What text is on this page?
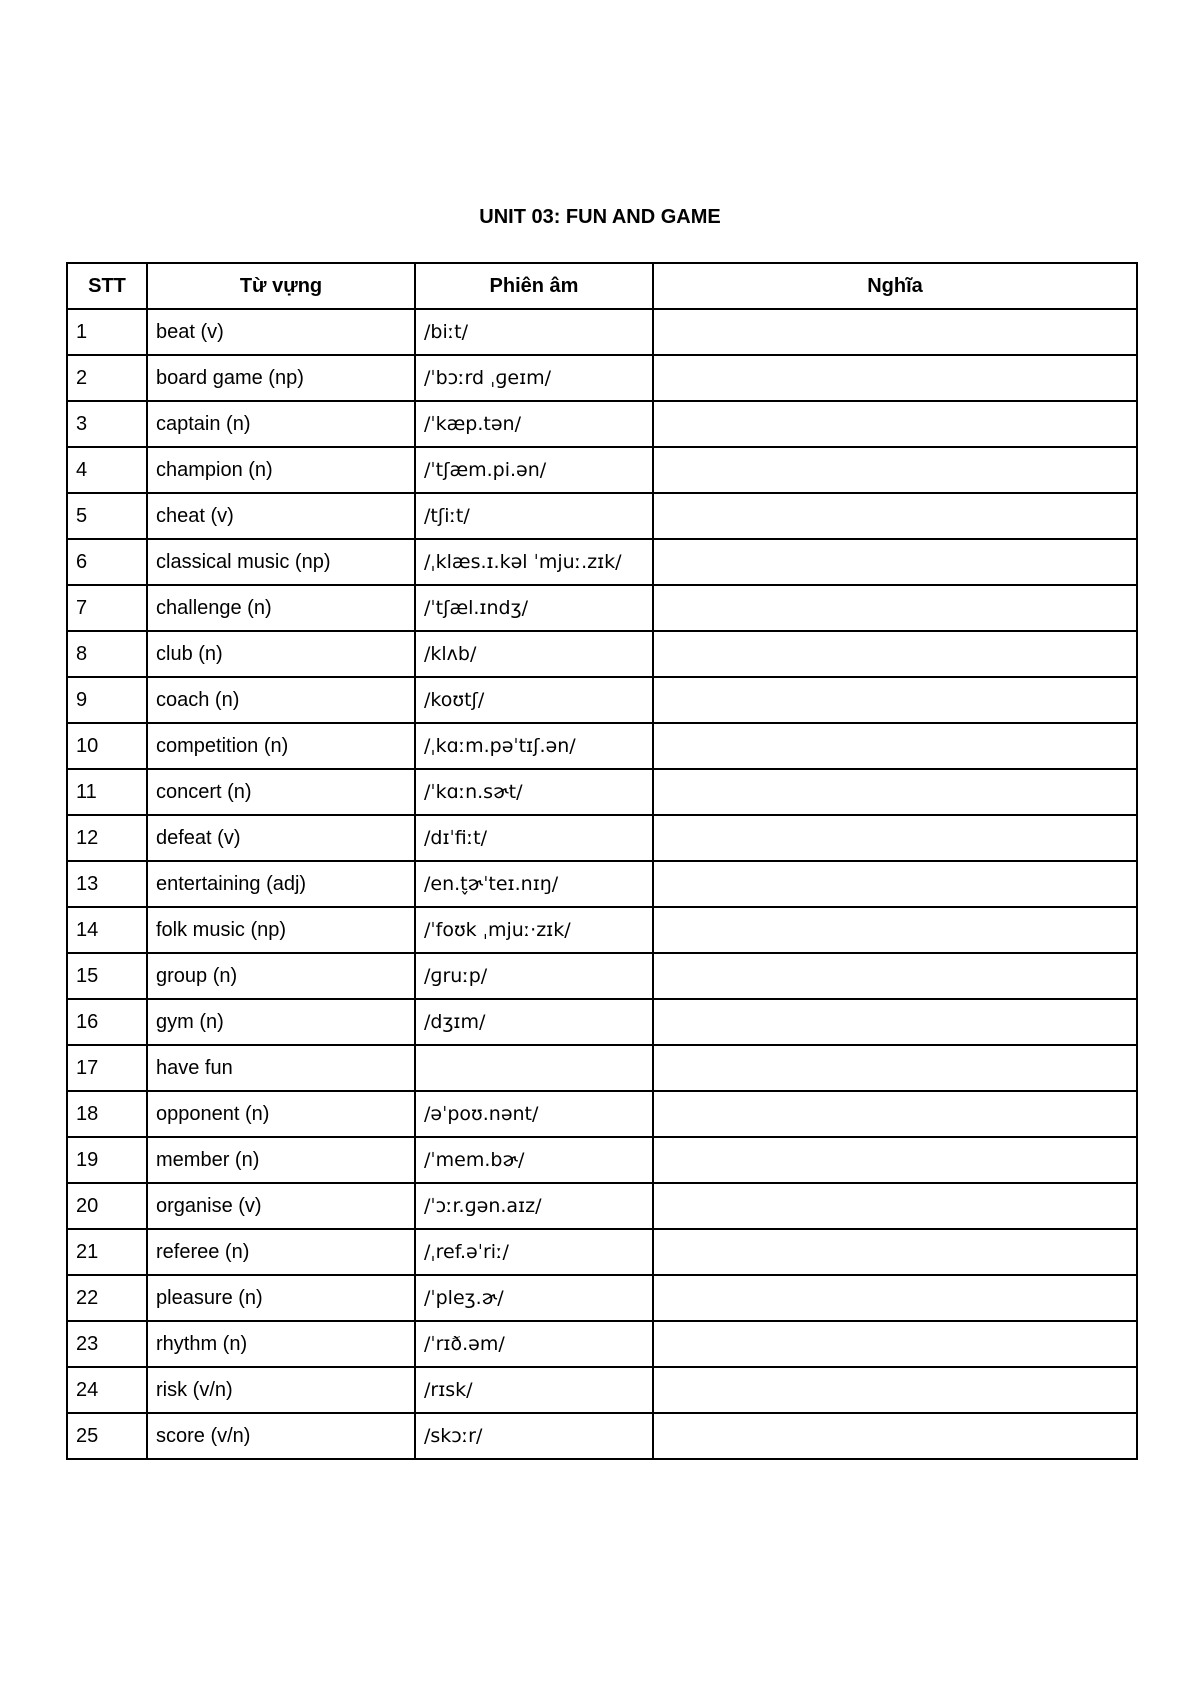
UNIT 03: FUN AND GAME
STT	Từ vựng	Phiên âm	Nghĩa
1	beat (v)	/biːt/	
2	board game (np)	/ˈbɔːrd ˌɡeɪm/	
3	captain (n)	/ˈkæp.tən/	
4	champion (n)	/ˈtʃæm.pi.ən/	
5	cheat (v)	/tʃiːt/	
6	classical music (np)	/ˌklæs.ɪ.kəl ˈmjuː.zɪk/	
7	challenge (n)	/ˈtʃæl.ɪndʒ/	
8	club (n)	/klʌb/	
9	coach (n)	/koʊtʃ/	
10	competition (n)	/ˌkɑːm.pəˈtɪʃ.ən/	
11	concert (n)	/ˈkɑːn.sɚt/	
12	defeat (v)	/dɪˈfiːt/	
13	entertaining (adj)	/en.t̬ɚˈteɪ.nɪŋ/	
14	folk music (np)	/ˈfoʊk ˌmjuː·zɪk/	
15	group (n)	/ɡruːp/	
16	gym (n)	/dʒɪm/	
17	have fun		
18	opponent (n)	/əˈpoʊ.nənt/	
19	member (n)	/ˈmem.bɚ/	
20	organise (v)	/ˈɔːr.ɡən.aɪz/	
21	referee (n)	/ˌref.əˈriː/	
22	pleasure (n)	/ˈpleʒ.ɚ/	
23	rhythm (n)	/ˈrɪð.əm/	
24	risk (v/n)	/rɪsk/	
25	score (v/n)	/skɔːr/	
